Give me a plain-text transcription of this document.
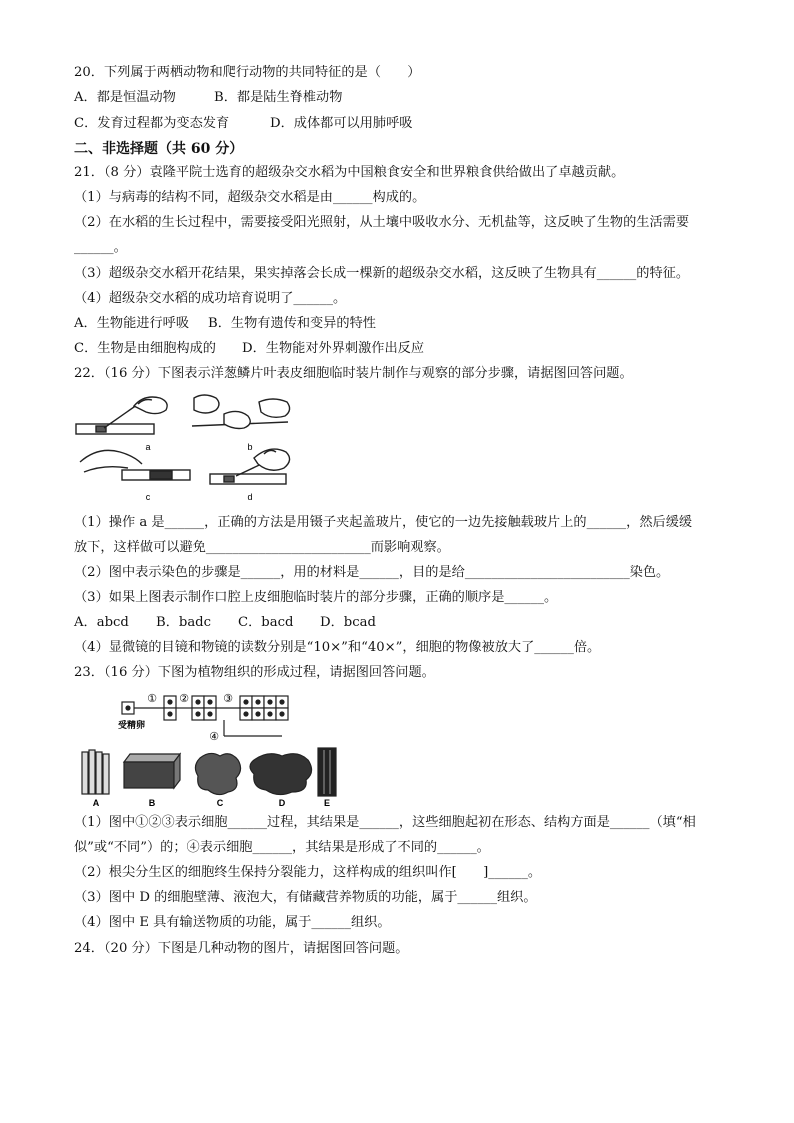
20．下列属于两栖动物和爬行动物的共同特征的是（　　）
A．都是恒温动物	B．都是陆生脊椎动物
C．发育过程都为变态发育	D．成体都可以用肺呼吸
二、非选择题（共 60 分）
21．（8 分）袁隆平院士选育的超级杂交水稻为中国粮食安全和世界粮食供给做出了卓越贡献。
（1）与病毒的结构不同，超级杂交水稻是由______构成的。
（2）在水稻的生长过程中，需要接受阳光照射，从土壤中吸收水分、无机盐等，这反映了生物的生活需要
______。
（3）超级杂交水稻开花结果，果实掉落会长成一棵新的超级杂交水稻，这反映了生物具有______的特征。
（4）超级杂交水稻的成功培育说明了______。
A．生物能进行呼吸 B．生物有遗传和变异的特性
C．生物是由细胞构成的 D．生物能对外界刺激作出反应
22．（16 分）下图表示洋葱鳞片叶表皮细胞临时装片制作与观察的部分步骤，请据图回答问题。
a	b
c	d
（1）操作 a 是______，正确的方法是用镊子夹起盖玻片，使它的一边先接触载玻片上的______，然后缓缓
放下，这样做可以避免_________________________而影响观察。
（2）图中表示染色的步骤是______，用的材料是______，目的是给_________________________染色。
（3）如果上图表示制作口腔上皮细胞临时装片的部分步骤，正确的顺序是______。
A．abcd B．badc C．bacd D．bcad
（4）显微镜的目镜和物镜的读数分别是“10×”和“40×”，细胞的物像被放大了______倍。
23．（16 分）下图为植物组织的形成过程，请据图回答问题。
① ②	③
④
受精卵
A	B	C	D	E
（1）图中①②③表示细胞______过程，其结果是______，这些细胞起初在形态、结构方面是______（填“相
似”或“不同”）的；④表示细胞______，其结果是形成了不同的______。
（2）根尖分生区的细胞终生保持分裂能力，这样构成的组织叫作[　　]______。
（3）图中 D 的细胞壁薄、液泡大，有储藏营养物质的功能，属于______组织。
（4）图中 E 具有输送物质的功能，属于______组织。
24．（20 分）下图是几种动物的图片，请据图回答问题。
